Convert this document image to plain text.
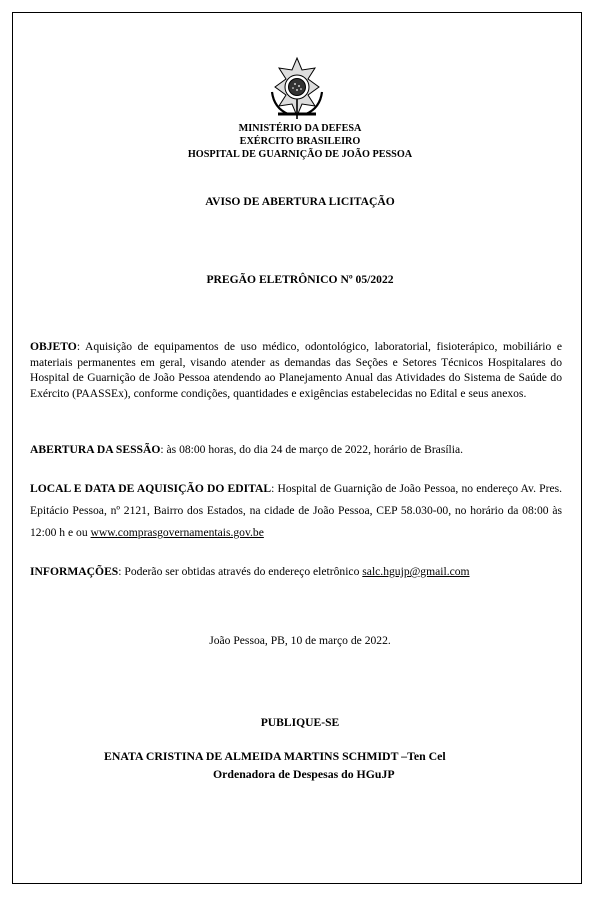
MINISTÉRIO DA DEFESA
EXÉRCITO BRASILEIRO
HOSPITAL DE GUARNIÇÃO DE JOÃO PESSOA
AVISO DE ABERTURA LICITAÇÃO
PREGÃO ELETRÔNICO Nº 05/2022

OBJETO: Aquisição de equipamentos de uso médico, odontológico, laboratorial, fisioterápico, mobiliário e materiais permanentes em geral, visando atender as demandas das Seções e Setores Técnicos Hospitalares do Hospital de Guarnição de João Pessoa atendendo ao Planejamento Anual das Atividades do Sistema de Saúde do Exército (PAASSEx), conforme condições, quantidades e exigências estabelecidas no Edital e seus anexos.

ABERTURA DA SESSÃO: às 08:00 horas, do dia 24 de março de 2022, horário de Brasília.

LOCAL E DATA DE AQUISIÇÃO DO EDITAL: Hospital de Guarnição de João Pessoa, no endereço Av. Pres. Epitácio Pessoa, nº 2121, Bairro dos Estados, na cidade de João Pessoa, CEP 58.030-00, no horário da 08:00 às 12:00 h e ou www.comprasgovernamentais.gov.be

INFORMAÇÕES: Poderão ser obtidas através do endereço eletrônico salc.hgujp@gmail.com

João Pessoa, PB, 10 de março de 2022.
PUBLIQUE-SE
ENATA CRISTINA DE ALMEIDA MARTINS SCHMIDT –Ten Cel
Ordenadora de Despesas do HGuJP
